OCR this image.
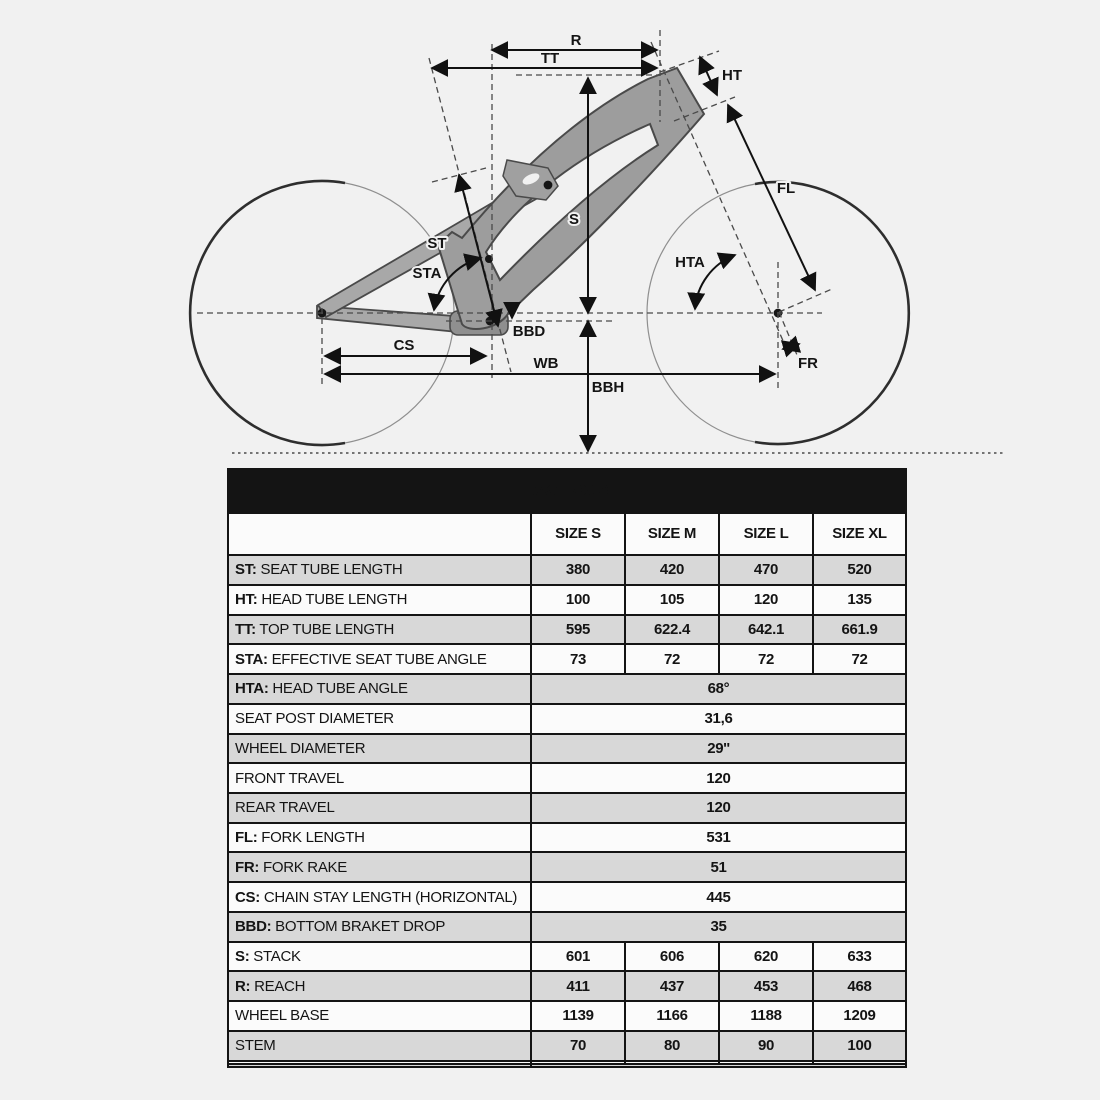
R
TT
HT
FL
ST
STA
HTA
S
BBH
BBD
CS
WB	FR
RACE 700 S				
	SIZE S	SIZE M	SIZE L	SIZE XL
ST: SEAT TUBE LENGTH	380	420	470	520
HT: HEAD TUBE LENGTH	100	105	120	135
TT: TOP TUBE LENGTH	595	622.4	642.1	661.9
STA: EFFECTIVE SEAT TUBE ANGLE	73	72	72	72
HTA: HEAD TUBE ANGLE	68°			
SEAT POST DIAMETER	31,6			
WHEEL DIAMETER	29''			
FRONT TRAVEL	120			
REAR TRAVEL	120			
FL: FORK LENGTH	531			
FR: FORK RAKE	51			
CS: CHAIN STAY LENGTH (HORIZONTAL)	445			
BBD: BOTTOM BRAKET DROP	35			
S: STACK	601	606	620	633
R: REACH	411	437	453	468
WHEEL BASE	1139	1166	1188	1209
STEM	70	80	90	100
